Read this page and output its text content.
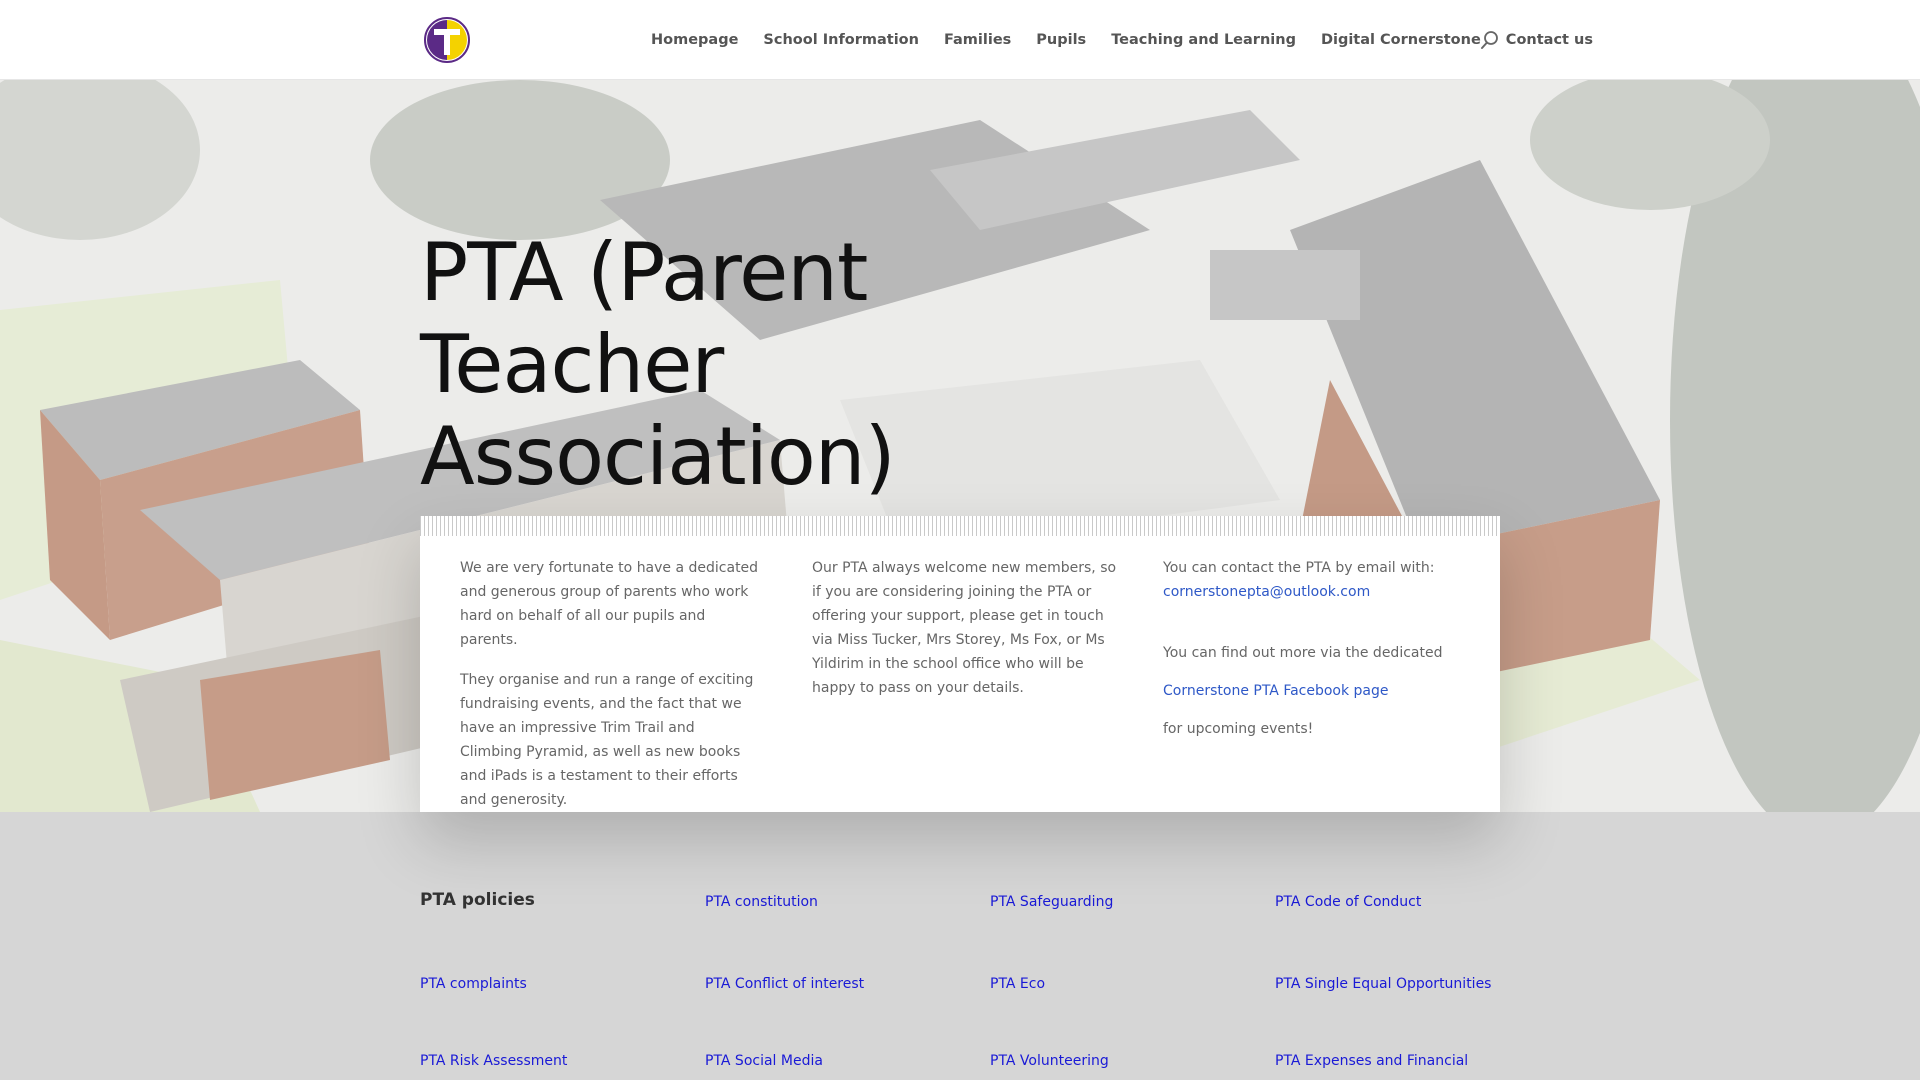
Homepage School Information Families Pupils Teaching and Learning Digital Cornerstone Contact us
PTA (Parent
Teacher
Association)

We are very fortunate to have a dedicated and generous group of parents who work hard on behalf of all our pupils and parents.

They organise and run a range of exciting fundraising events, and the fact that we have an impressive Trim Trail and Climbing Pyramid, as well as new books and iPads is a testament to their efforts and generosity.

Our PTA always welcome new members, so if you are considering joining the PTA or offering your support, please get in touch via Miss Tucker, Mrs Storey, Ms Fox, or Ms Yildirim in the school office who will be happy to pass on your details.

You can contact the PTA by email with:
cornerstonepta@outlook.com
You can find out more via the dedicated
Cornerstone PTA Facebook page
for upcoming events!
PTA policies	PTA constitution	PTA Safeguarding	PTA Code of Conduct
PTA complaints	PTA Conflict of interest	PTA Eco	PTA Single Equal Opportunities
PTA Risk Assessment	PTA Social Media	PTA Volunteering	PTA Expenses and Financial
